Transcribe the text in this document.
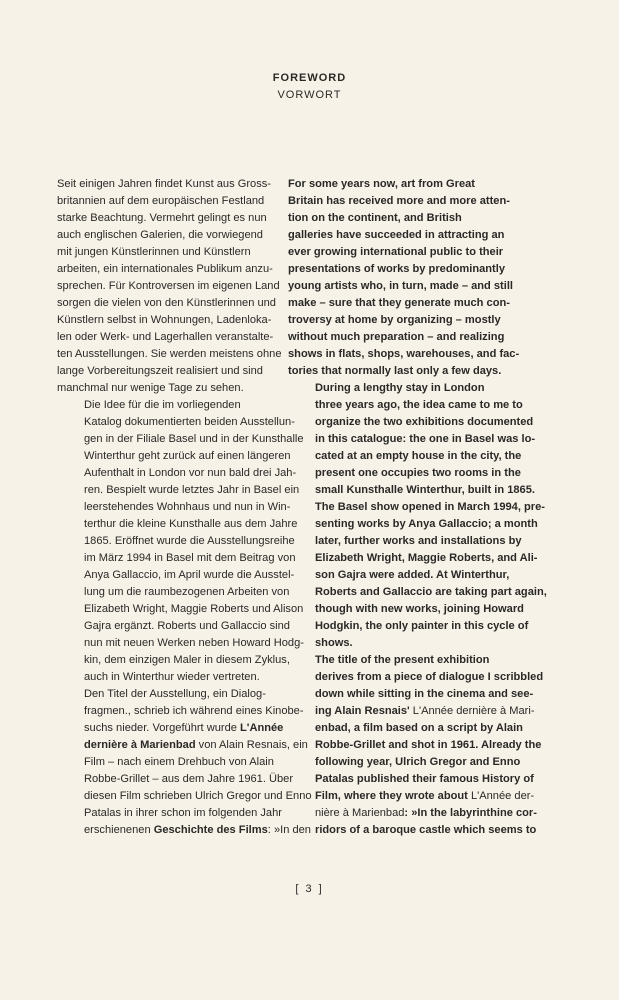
FOREWORD
VORWORT

Seit einigen Jahren findet Kunst aus Gross-
britannien auf dem europäischen Festland
starke Beachtung. Vermehrt gelingt es nun
auch englischen Galerien, die vorwiegend
mit jungen Künstlerinnen und Künstlern
arbeiten, ein internationales Publikum anzu-
sprechen. Für Kontroversen im eigenen Land
sorgen die vielen von den Künstlerinnen und
Künstlern selbst in Wohnungen, Ladenloka-
len oder Werk- und Lagerhallen veranstalte-
ten Ausstellungen. Sie werden meistens ohne
lange Vorbereitungszeit realisiert und sind
manchmal nur wenige Tage zu sehen.

Die Idee für die im vorliegenden
Katalog dokumentierten beiden Ausstellun-
gen in der Filiale Basel und in der Kunsthalle
Winterthur geht zurück auf einen längeren
Aufenthalt in London vor nun bald drei Jah-
ren. Bespielt wurde letztes Jahr in Basel ein
leerstehendes Wohnhaus und nun in Win-
terthur die kleine Kunsthalle aus dem Jahre
1865. Eröffnet wurde die Ausstellungsreihe
im März 1994 in Basel mit dem Beitrag von
Anya Gallaccio, im April wurde die Ausstel-
lung um die raumbezogenen Arbeiten von
Elizabeth Wright, Maggie Roberts und Alison
Gajra ergänzt. Roberts und Gallaccio sind
nun mit neuen Werken neben Howard Hodg-
kin, dem einzigen Maler in diesem Zyklus,
auch in Winterthur wieder vertreten.

Den Titel der Ausstellung, ein Dialog-
fragmen., schrieb ich während eines Kinobe-
suchs nieder. Vorgeführt wurde L'Année
dernière à Marienbad von Alain Resnais, ein
Film – nach einem Drehbuch von Alain
Robbe-Grillet – aus dem Jahre 1961. Über
diesen Film schrieben Ulrich Gregor und Enno
Patalas in ihrer schon im folgenden Jahr
erschienenen Geschichte des Films: »In den

For some years now, art from Great
Britain has received more and more atten-
tion on the continent, and British
galleries have succeeded in attracting an
ever growing international public to their
presentations of works by predominantly
young artists who, in turn, made – and still
make – sure that they generate much con-
troversy at home by organizing – mostly
without much preparation – and realizing
shows in flats, shops, warehouses, and fac-
tories that normally last only a few days.

During a lengthy stay in London
three years ago, the idea came to me to
organize the two exhibitions documented
in this catalogue: the one in Basel was lo-
cated at an empty house in the city, the
present one occupies two rooms in the
small Kunsthalle Winterthur, built in 1865.
The Basel show opened in March 1994, pre-
senting works by Anya Gallaccio; a month
later, further works and installations by
Elizabeth Wright, Maggie Roberts, and Ali-
son Gajra were added. At Winterthur,
Roberts and Gallaccio are taking part again,
though with new works, joining Howard
Hodgkin, the only painter in this cycle of
shows.

The title of the present exhibition
derives from a piece of dialogue I scribbled
down while sitting in the cinema and see-
ing Alain Resnais' L'Année dernière à Mari-
enbad, a film based on a script by Alain
Robbe-Grillet and shot in 1961. Already the
following year, Ulrich Gregor and Enno
Patalas published their famous History of
Film, where they wrote about L'Année der-
nière à Marienbad: »In the labyrinthine cor-
ridors of a baroque castle which seems to

[ 3 ]
